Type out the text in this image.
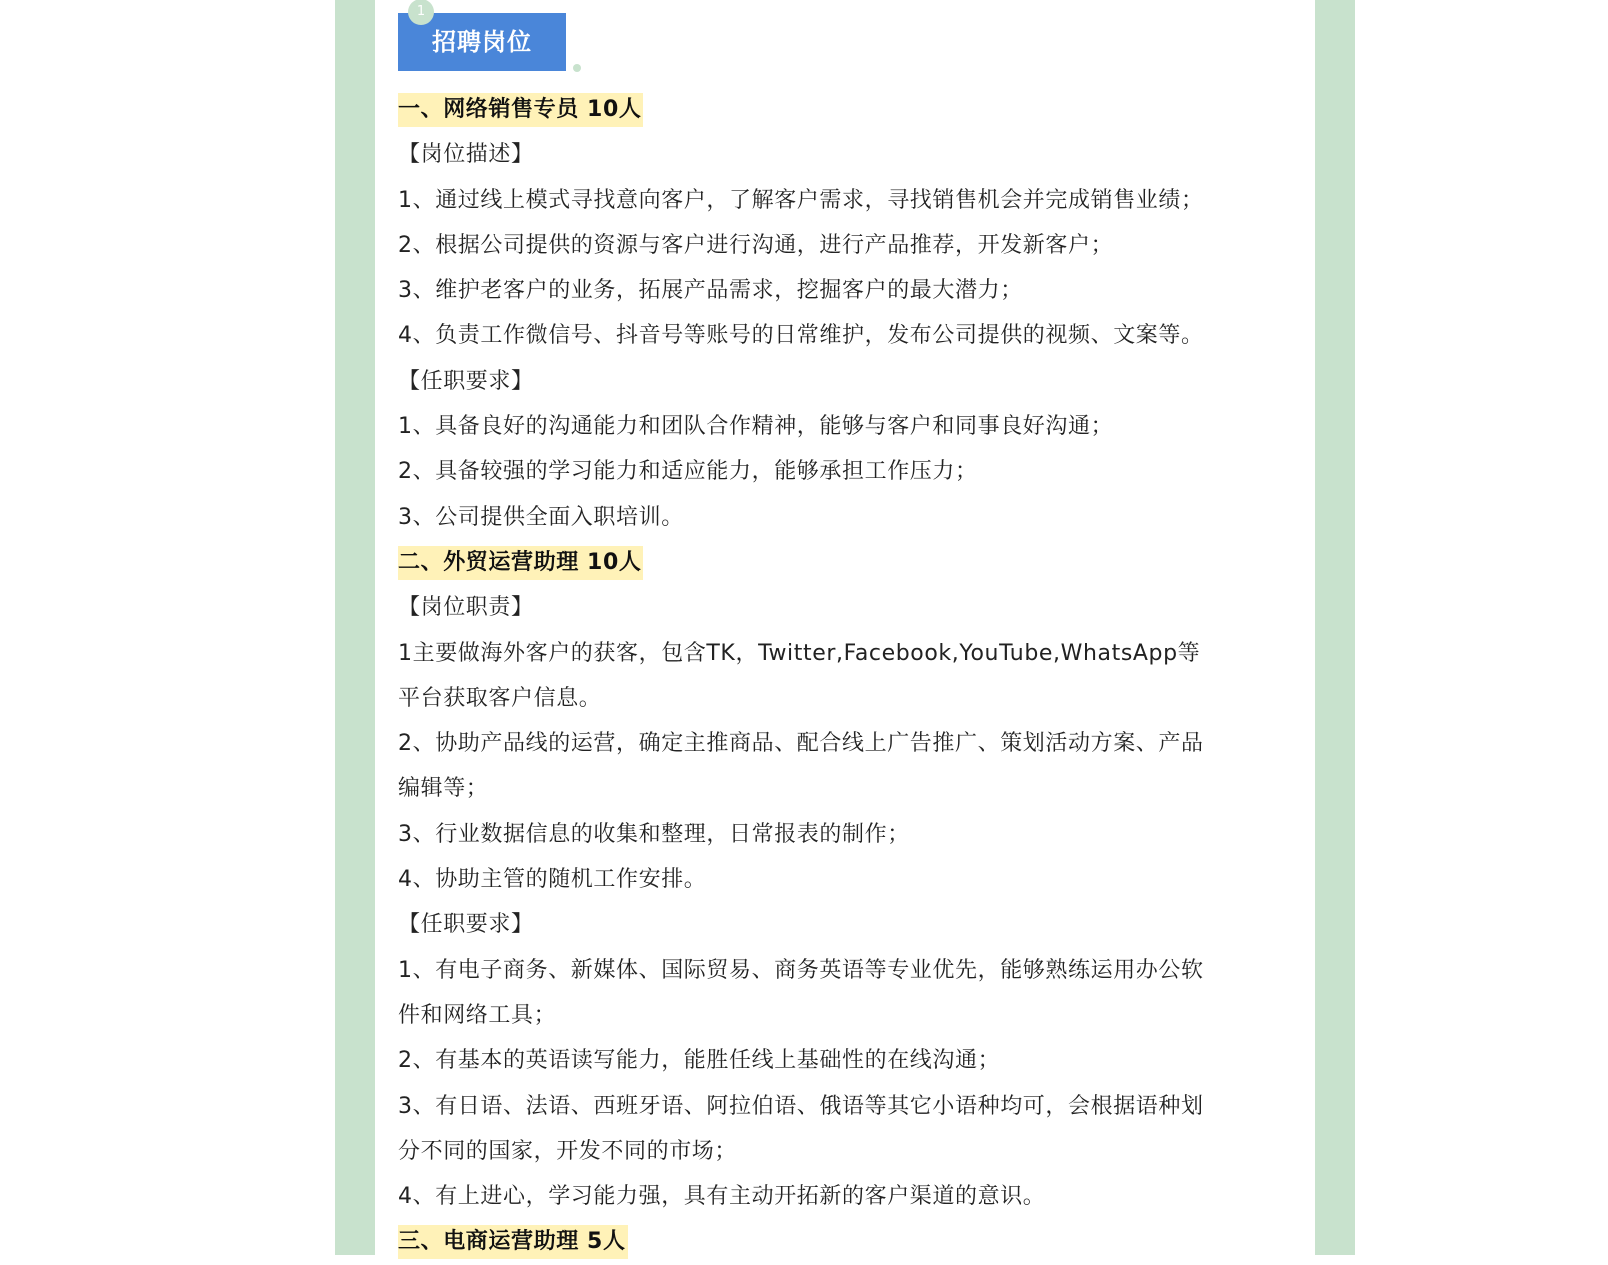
招聘岗位
1
一、网络销售专员 10人
【岗位描述】
1、通过线上模式寻找意向客户，了解客户需求，寻找销售机会并完成销售业绩；
2、根据公司提供的资源与客户进行沟通，进行产品推荐，开发新客户；
3、维护老客户的业务，拓展产品需求，挖掘客户的最大潜力；
4、负责工作微信号、抖音号等账号的日常维护，发布公司提供的视频、文案等。
【任职要求】
1、具备良好的沟通能力和团队合作精神，能够与客户和同事良好沟通；
2、具备较强的学习能力和适应能力，能够承担工作压力；
3、公司提供全面入职培训。
二、外贸运营助理 10人
【岗位职责】
1主要做海外客户的获客，包含TK，Twitter,Facebook,YouTube,WhatsApp等
平台获取客户信息。
2、协助产品线的运营，确定主推商品、配合线上广告推广、策划活动方案、产品
编辑等；
3、行业数据信息的收集和整理，日常报表的制作；
4、协助主管的随机工作安排。
【任职要求】
1、有电子商务、新媒体、国际贸易、商务英语等专业优先，能够熟练运用办公软
件和网络工具；
2、有基本的英语读写能力，能胜任线上基础性的在线沟通；
3、有日语、法语、西班牙语、阿拉伯语、俄语等其它小语种均可，会根据语种划
分不同的国家，开发不同的市场；
4、有上进心，学习能力强，具有主动开拓新的客户渠道的意识。
三、电商运营助理 5人
